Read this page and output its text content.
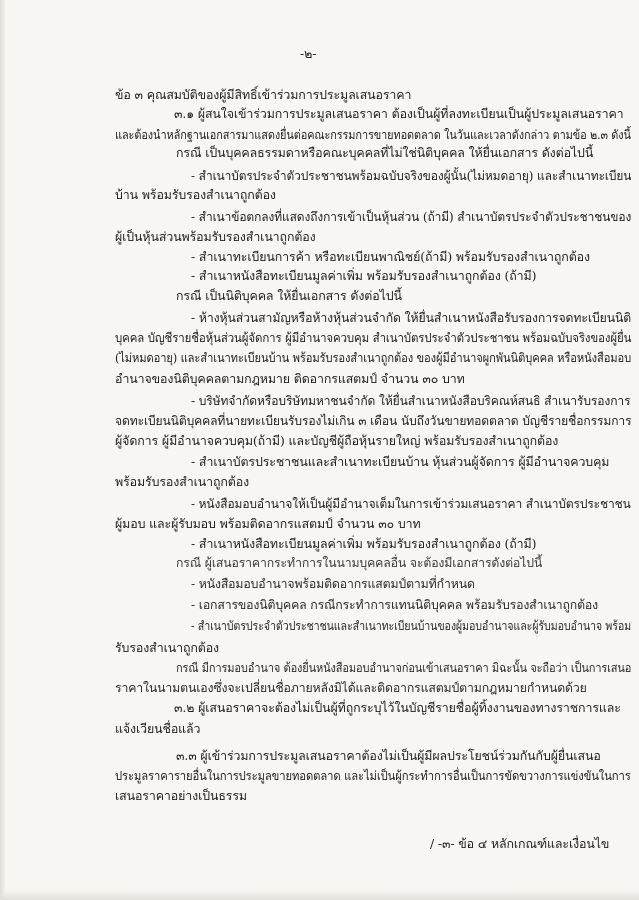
-๒-
ข้อ ๓ คุณสมบัติของผู้มีสิทธิ์เข้าร่วมการประมูลเสนอราคา
๓.๑ ผู้สนใจเข้าร่วมการประมูลเสนอราคา ต้องเป็นผู้ที่ลงทะเบียนเป็นผู้ประมูลเสนอราคา
และต้องนำหลักฐานเอกสารมาแสดงยื่นต่อคณะกรรมการขายทอดตลาด ในวันและเวลาดังกล่าว ตามข้อ ๒.๓ ดังนี้
กรณี เป็นบุคคลธรรมดาหรือคณะบุคคลที่ไม่ใช่นิติบุคคล ให้ยื่นเอกสาร ดังต่อไปนี้
- สำเนาบัตรประจำตัวประชาชนพร้อมฉบับจริงของผู้นั้น(ไม่หมดอายุ) และสำเนาทะเบียน
บ้าน พร้อมรับรองสำเนาถูกต้อง
- สำเนาข้อตกลงที่แสดงถึงการเข้าเป็นหุ้นส่วน (ถ้ามี) สำเนาบัตรประจำตัวประชาชนของ
ผู้เป็นหุ้นส่วนพร้อมรับรองสำเนาถูกต้อง
- สำเนาทะเบียนการค้า หรือทะเบียนพาณิชย์(ถ้ามี) พร้อมรับรองสำเนาถูกต้อง
- สำเนาหนังสือทะเบียนมูลค่าเพิ่ม พร้อมรับรองสำเนาถูกต้อง (ถ้ามี)
กรณี เป็นนิติบุคคล ให้ยื่นเอกสาร ดังต่อไปนี้
- ห้างหุ้นส่วนสามัญหรือห้างหุ้นส่วนจำกัด ให้ยื่นสำเนาหนังสือรับรองการจดทะเบียนนิติ
บุคคล บัญชีรายชื่อหุ้นส่วนผู้จัดการ ผู้มีอำนาจควบคุม สำเนาบัตรประจำตัวประชาชน พร้อมฉบับจริงของผู้ยื่น
(ไม่หมดอายุ) และสำเนาทะเบียนบ้าน พร้อมรับรองสำเนาถูกต้อง ของผู้มีอำนาจผูกพันนิติบุคคล หรือหนังสือมอบ
อำนาจของนิติบุคคลตามกฎหมาย ติดอากรแสตมป์ จำนวน ๓๐ บาท
- บริษัทจำกัดหรือบริษัทมหาชนจำกัด ให้ยื่นสำเนาหนังสือบริคณห์สนธิ สำเนารับรองการ
จดทะเบียนนิติบุคคลที่นายทะเบียนรับรองไม่เกิน ๓ เดือน นับถึงวันขายทอดตลาด บัญชีรายชื่อกรรมการ
ผู้จัดการ ผู้มีอำนาจควบคุม(ถ้ามี) และบัญชีผู้ถือหุ้นรายใหญ่ พร้อมรับรองสำเนาถูกต้อง
- สำเนาบัตรประชาชนและสำเนาทะเบียนบ้าน หุ้นส่วนผู้จัดการ ผู้มีอำนาจควบคุม
พร้อมรับรองสำเนาถูกต้อง
- หนังสือมอบอำนาจให้เป็นผู้มีอำนาจเต็มในการเข้าร่วมเสนอราคา สำเนาบัตรประชาชน
ผู้มอบ และผู้รับมอบ พร้อมติดอากรแสตมป์ จำนวน ๓๐ บาท
- สำเนาหนังสือทะเบียนมูลค่าเพิ่ม พร้อมรับรองสำเนาถูกต้อง (ถ้ามี)
กรณี ผู้เสนอราคากระทำการในนามบุคคลอื่น จะต้องมีเอกสารดังต่อไปนี้
- หนังสือมอบอำนาจพร้อมติดอากรแสตมป์ตามที่กำหนด
- เอกสารของนิติบุคคล กรณีกระทำการแทนนิติบุคคล พร้อมรับรองสำเนาถูกต้อง
- สำเนาบัตรประจำตัวประชาชนและสำเนาทะเบียนบ้านของผู้มอบอำนาจและผู้รับมอบอำนาจ พร้อม
รับรองสำเนาถูกต้อง
กรณี มีการมอบอำนาจ ต้องยื่นหนังสือมอบอำนาจก่อนเข้าเสนอราคา มิฉะนั้น จะถือว่า เป็นการเสนอ
ราคาในนามตนเองซึ่งจะเปลี่ยนชื่อภายหลังมิได้และติดอากรแสตมป์ตามกฎหมายกำหนดด้วย
๓.๒ ผู้เสนอราคาจะต้องไม่เป็นผู้ที่ถูกระบุไว้ในบัญชีรายชื่อผู้ทิ้งงานของทางราชการและ
แจ้งเวียนชื่อแล้ว
๓.๓ ผู้เข้าร่วมการประมูลเสนอราคาต้องไม่เป็นผู้มีผลประโยชน์ร่วมกันกับผู้ยื่นเสนอ
ประมูลราคารายอื่นในการประมูลขายทอดตลาด และไม่เป็นผู้กระทำการอื่นเป็นการขัดขวางการแข่งขันในการ
เสนอราคาอย่างเป็นธรรม
/ -๓- ข้อ ๔ หลักเกณฑ์และเงื่อนไข
